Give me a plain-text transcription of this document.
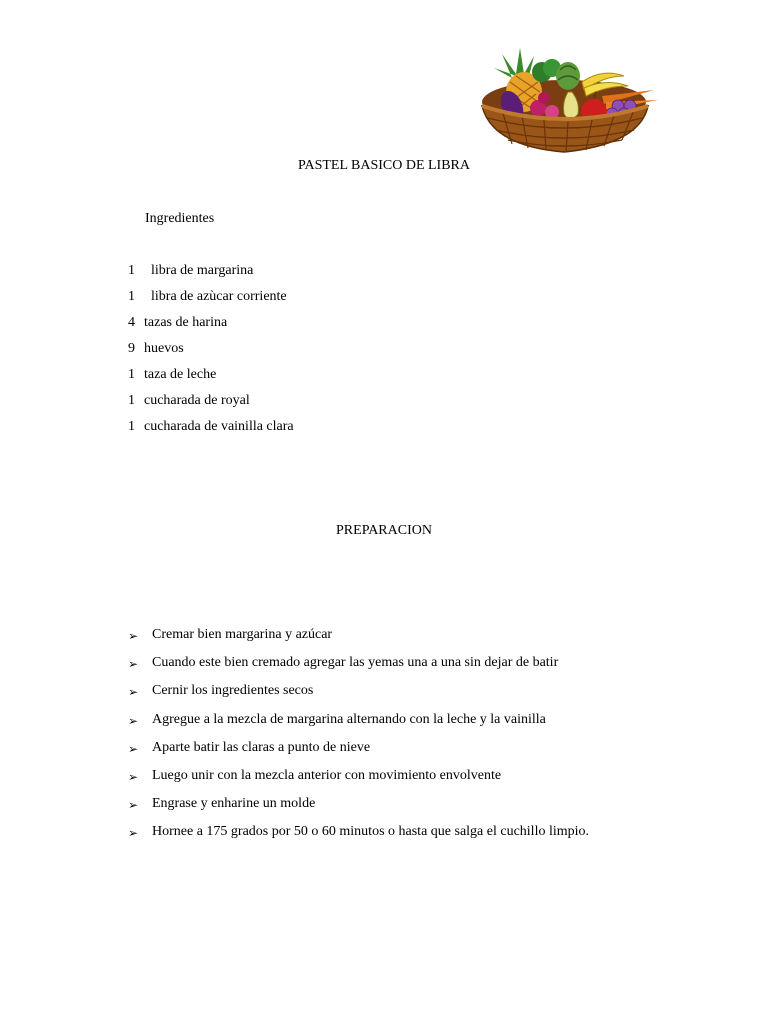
PASTEL BASICO DE LIBRA
Ingredientes
1 libra de margarina
1 libra de azùcar corriente
4 tazas de harina
9 huevos
1 taza de leche
1 cucharada de royal
1 cucharada de vainilla clara
PREPARACION
➢ Cremar bien margarina y azúcar
➢ Cuando este bien cremado agregar las yemas una a una sin dejar de batir
➢ Cernir los ingredientes secos
➢ Agregue a la mezcla de margarina alternando con la leche y la vainilla
➢ Aparte batir las claras a punto de nieve
➢ Luego unir con la mezcla anterior con movimiento envolvente
➢ Engrase y enharine un molde
➢ Hornee a 175 grados por 50 o 60 minutos o hasta que salga el cuchillo limpio.
